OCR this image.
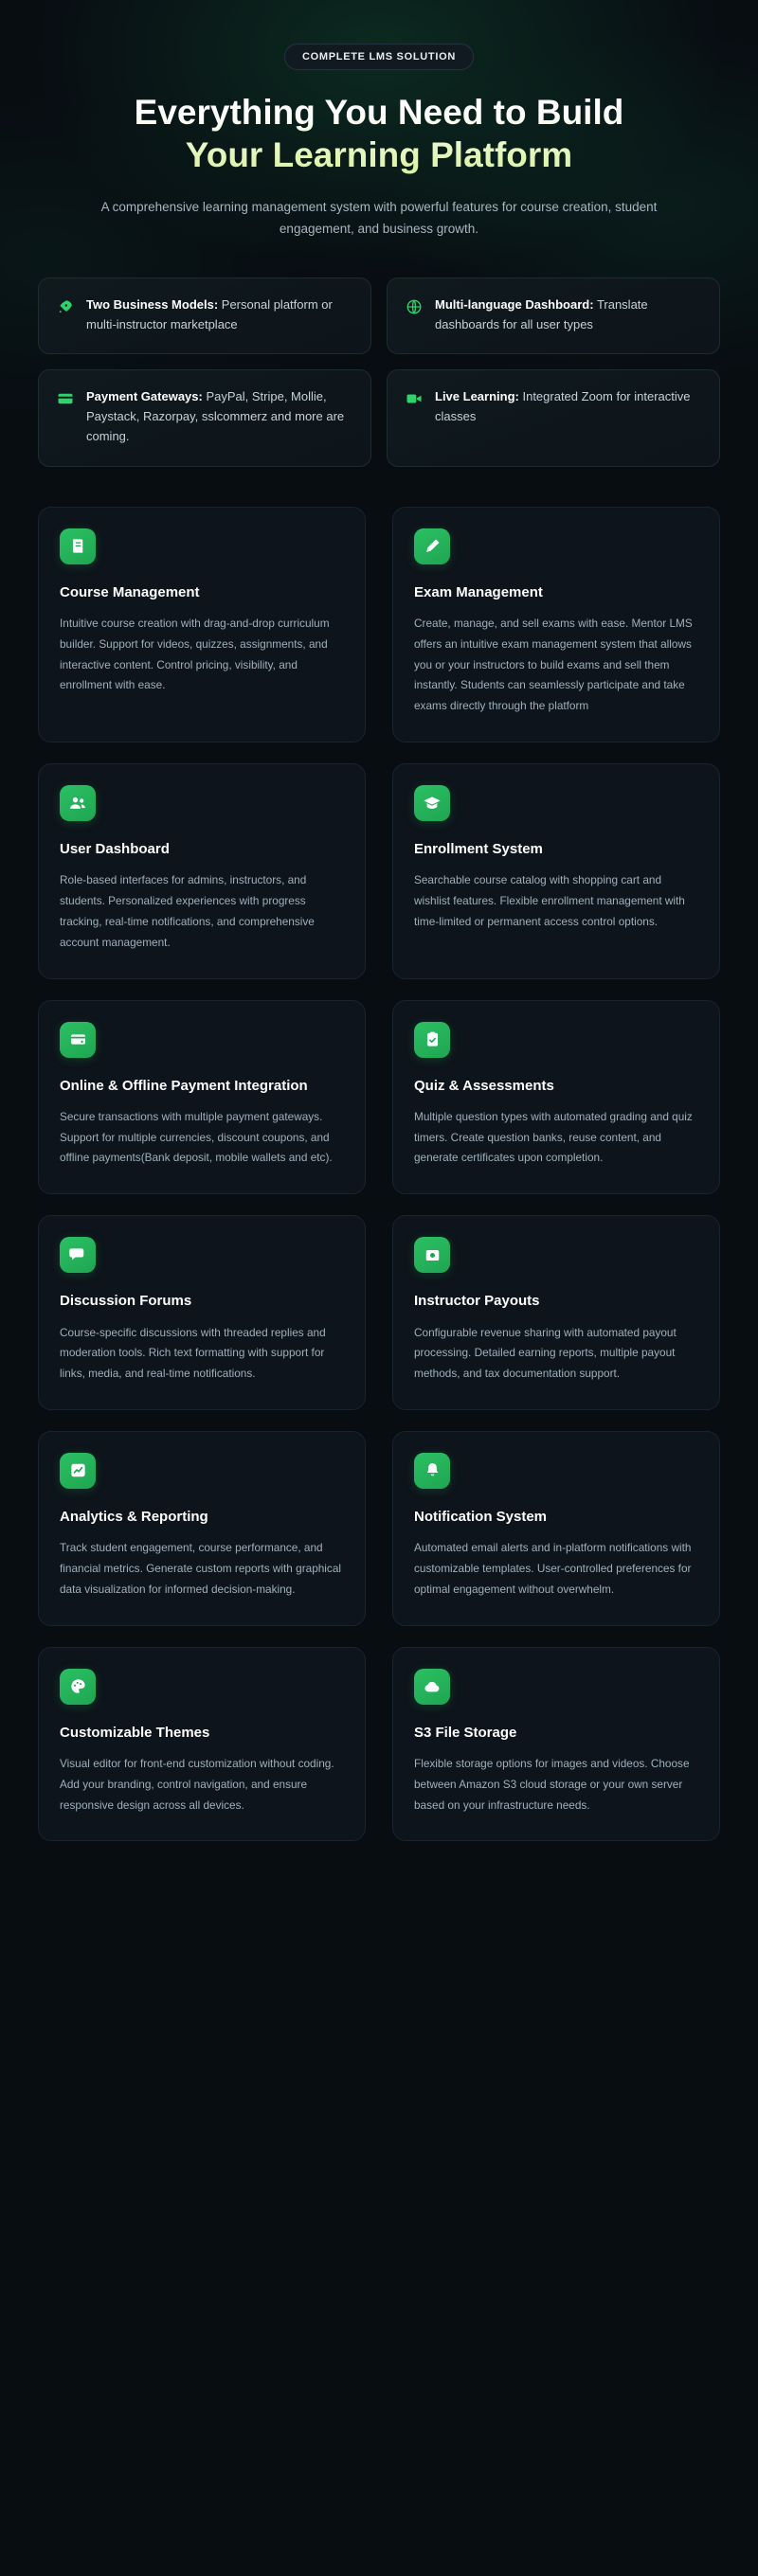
COMPLETE LMS SOLUTION
Everything You Need to Build
Your Learning Platform

A comprehensive learning management system with powerful features for course creation, student engagement, and business growth.

Two Business Models: Personal platform or multi-instructor marketplace
Multi-language Dashboard: Translate dashboards for all user types
Payment Gateways: PayPal, Stripe, Mollie, Paystack, Razorpay, sslcommerz and more are coming.
Live Learning: Integrated Zoom for interactive classes
Course Management
Intuitive course creation with drag-and-drop curriculum builder. Support for videos, quizzes, assignments, and interactive content. Control pricing, visibility, and enrollment with ease.
Exam Management
Create, manage, and sell exams with ease. Mentor LMS offers an intuitive exam management system that allows you or your instructors to build exams and sell them instantly. Students can seamlessly participate and take exams directly through the platform
User Dashboard
Role-based interfaces for admins, instructors, and students. Personalized experiences with progress tracking, real-time notifications, and comprehensive account management.
Enrollment System
Searchable course catalog with shopping cart and wishlist features. Flexible enrollment management with time-limited or permanent access control options.
Online & Offline Payment Integration
Secure transactions with multiple payment gateways. Support for multiple currencies, discount coupons, and offline payments(Bank deposit, mobile wallets and etc).
Quiz & Assessments
Multiple question types with automated grading and quiz timers. Create question banks, reuse content, and generate certificates upon completion.
Discussion Forums
Course-specific discussions with threaded replies and moderation tools. Rich text formatting with support for links, media, and real-time notifications.
Instructor Payouts
Configurable revenue sharing with automated payout processing. Detailed earning reports, multiple payout methods, and tax documentation support.
Analytics & Reporting
Track student engagement, course performance, and financial metrics. Generate custom reports with graphical data visualization for informed decision-making.
Notification System
Automated email alerts and in-platform notifications with customizable templates. User-controlled preferences for optimal engagement without overwhelm.
Customizable Themes
Visual editor for front-end customization without coding. Add your branding, control navigation, and ensure responsive design across all devices.
S3 File Storage
Flexible storage options for images and videos. Choose between Amazon S3 cloud storage or your own server based on your infrastructure needs.
